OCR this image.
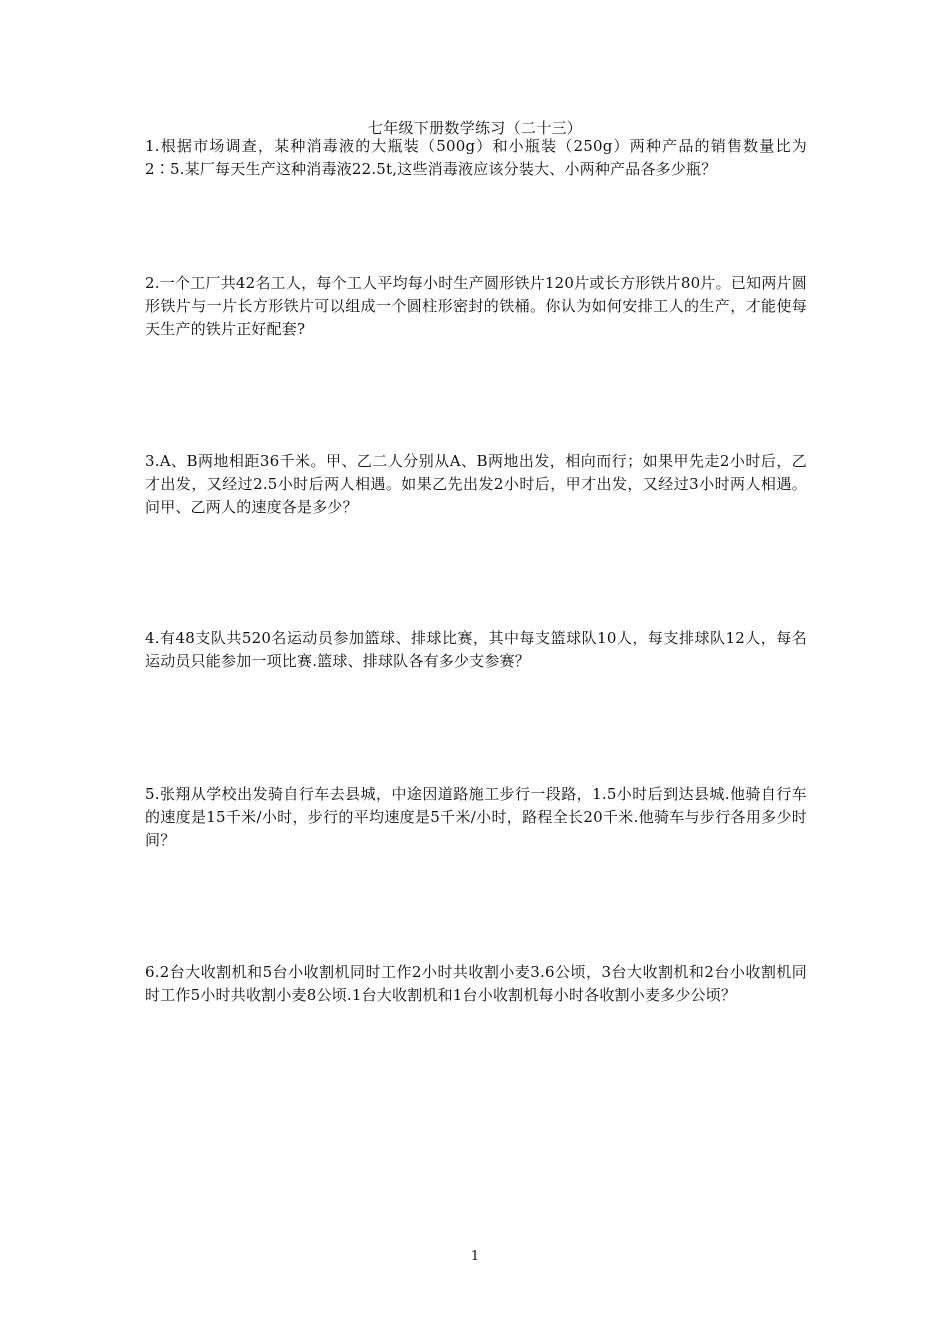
七年级下册数学练习（二十三）
1.根据市场调查，某种消毒液的大瓶装（500g）和小瓶装（250g）两种产品的销售数量比为2∶5.某厂每天生产这种消毒液22.5t,这些消毒液应该分装大、小两种产品各多少瓶？
2.一个工厂共42名工人，每个工人平均每小时生产圆形铁片120片或长方形铁片80片。已知两片圆形铁片与一片长方形铁片可以组成一个圆柱形密封的铁桶。你认为如何安排工人的生产，才能使每天生产的铁片正好配套?
3.A、B两地相距36千米。甲、乙二人分别从A、B两地出发，相向而行；如果甲先走2小时后，乙才出发，又经过2.5小时后两人相遇。如果乙先出发2小时后，甲才出发，又经过3小时两人相遇。问甲、乙两人的速度各是多少？
4.有48支队共520名运动员参加篮球、排球比赛，其中每支篮球队10人，每支排球队12人，每名运动员只能参加一项比赛.篮球、排球队各有多少支参赛？
5.张翔从学校出发骑自行车去县城，中途因道路施工步行一段路，1.5小时后到达县城.他骑自行车的速度是15千米/小时，步行的平均速度是5千米/小时，路程全长20千米.他骑车与步行各用多少时间？
6.2台大收割机和5台小收割机同时工作2小时共收割小麦3.6公顷，3台大收割机和2台小收割机同时工作5小时共收割小麦8公顷.1台大收割机和1台小收割机每小时各收割小麦多少公顷？
1
